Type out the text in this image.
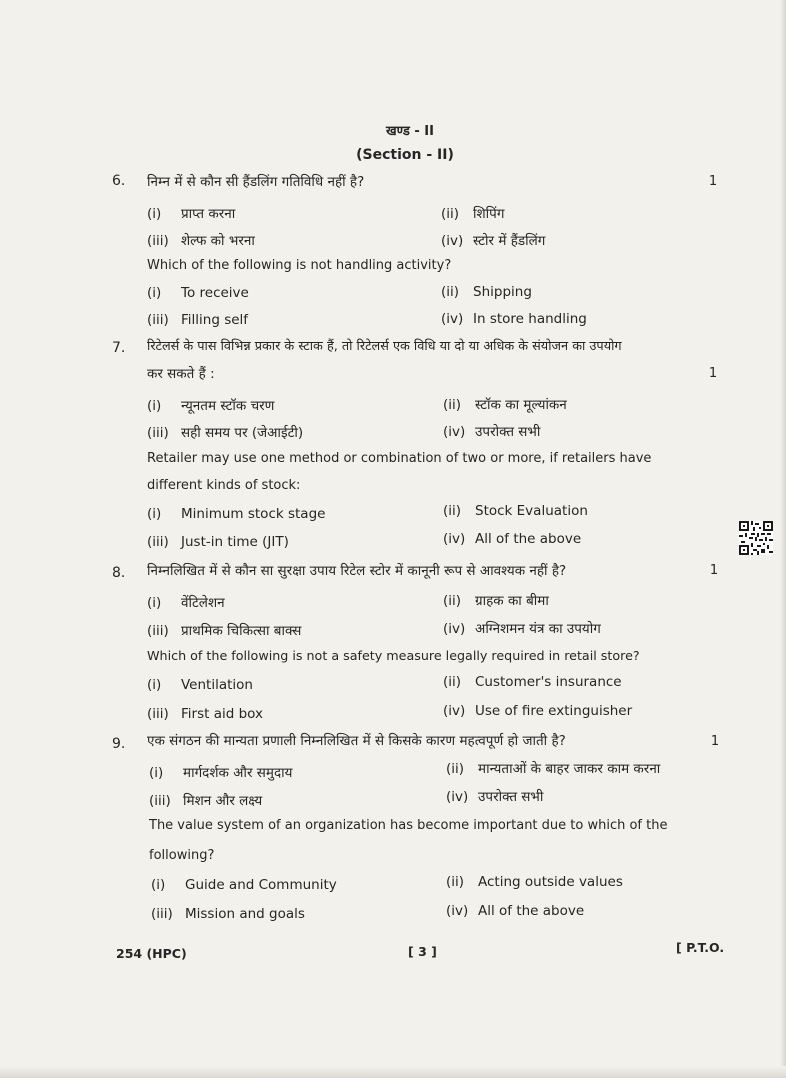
खण्ड - II
(Section - II)
6. निम्न में से कौन सी हैंडलिंग गतिविधि नहीं है?	1
(i) प्राप्त करना	(ii) शिपिंग
(iii) शेल्फ को भरना	(iv) स्टोर में हैंडलिंग
Which of the following is not handling activity?
(i) To receive	(ii) Shipping
(iii) Filling self	(iv) In store handling
7. रिटेलर्स के पास विभिन्न प्रकार के स्टाक हैं, तो रिटेलर्स एक विधि या दो या अधिक के संयोजन का उपयोग
कर सकते हैं :	1
(i) न्यूनतम स्टॉक चरण	(ii) स्टॉक का मूल्यांकन
(iii) सही समय पर (जेआईटी)	(iv) उपरोक्त सभी
Retailer may use one method or combination of two or more, if retailers have
different kinds of stock:
(i) Minimum stock stage	(ii) Stock Evaluation
(iii) Just-in time (JIT)	(iv) All of the above
8. निम्नलिखित में से कौन सा सुरक्षा उपाय रिटेल स्टोर में कानूनी रूप से आवश्यक नहीं है?	1
(i) वेंटिलेशन	(ii) ग्राहक का बीमा
(iii) प्राथमिक चिकित्सा बाक्स	(iv) अग्निशमन यंत्र का उपयोग
Which of the following is not a safety measure legally required in retail store?
(i) Ventilation	(ii) Customer's insurance
(iii) First aid box	(iv) Use of fire extinguisher
9. एक संगठन की मान्यता प्रणाली निम्नलिखित में से किसके कारण महत्वपूर्ण हो जाती है?	1
(i) मार्गदर्शक और समुदाय	(ii) मान्यताओं के बाहर जाकर काम करना
(iii) मिशन और लक्ष्य	(iv) उपरोक्त सभी
The value system of an organization has become important due to which of the
following?
(i) Guide and Community	(ii) Acting outside values
(iii) Mission and goals	(iv) All of the above
254 (HPC)	[ 3 ]	[ P.T.O.
